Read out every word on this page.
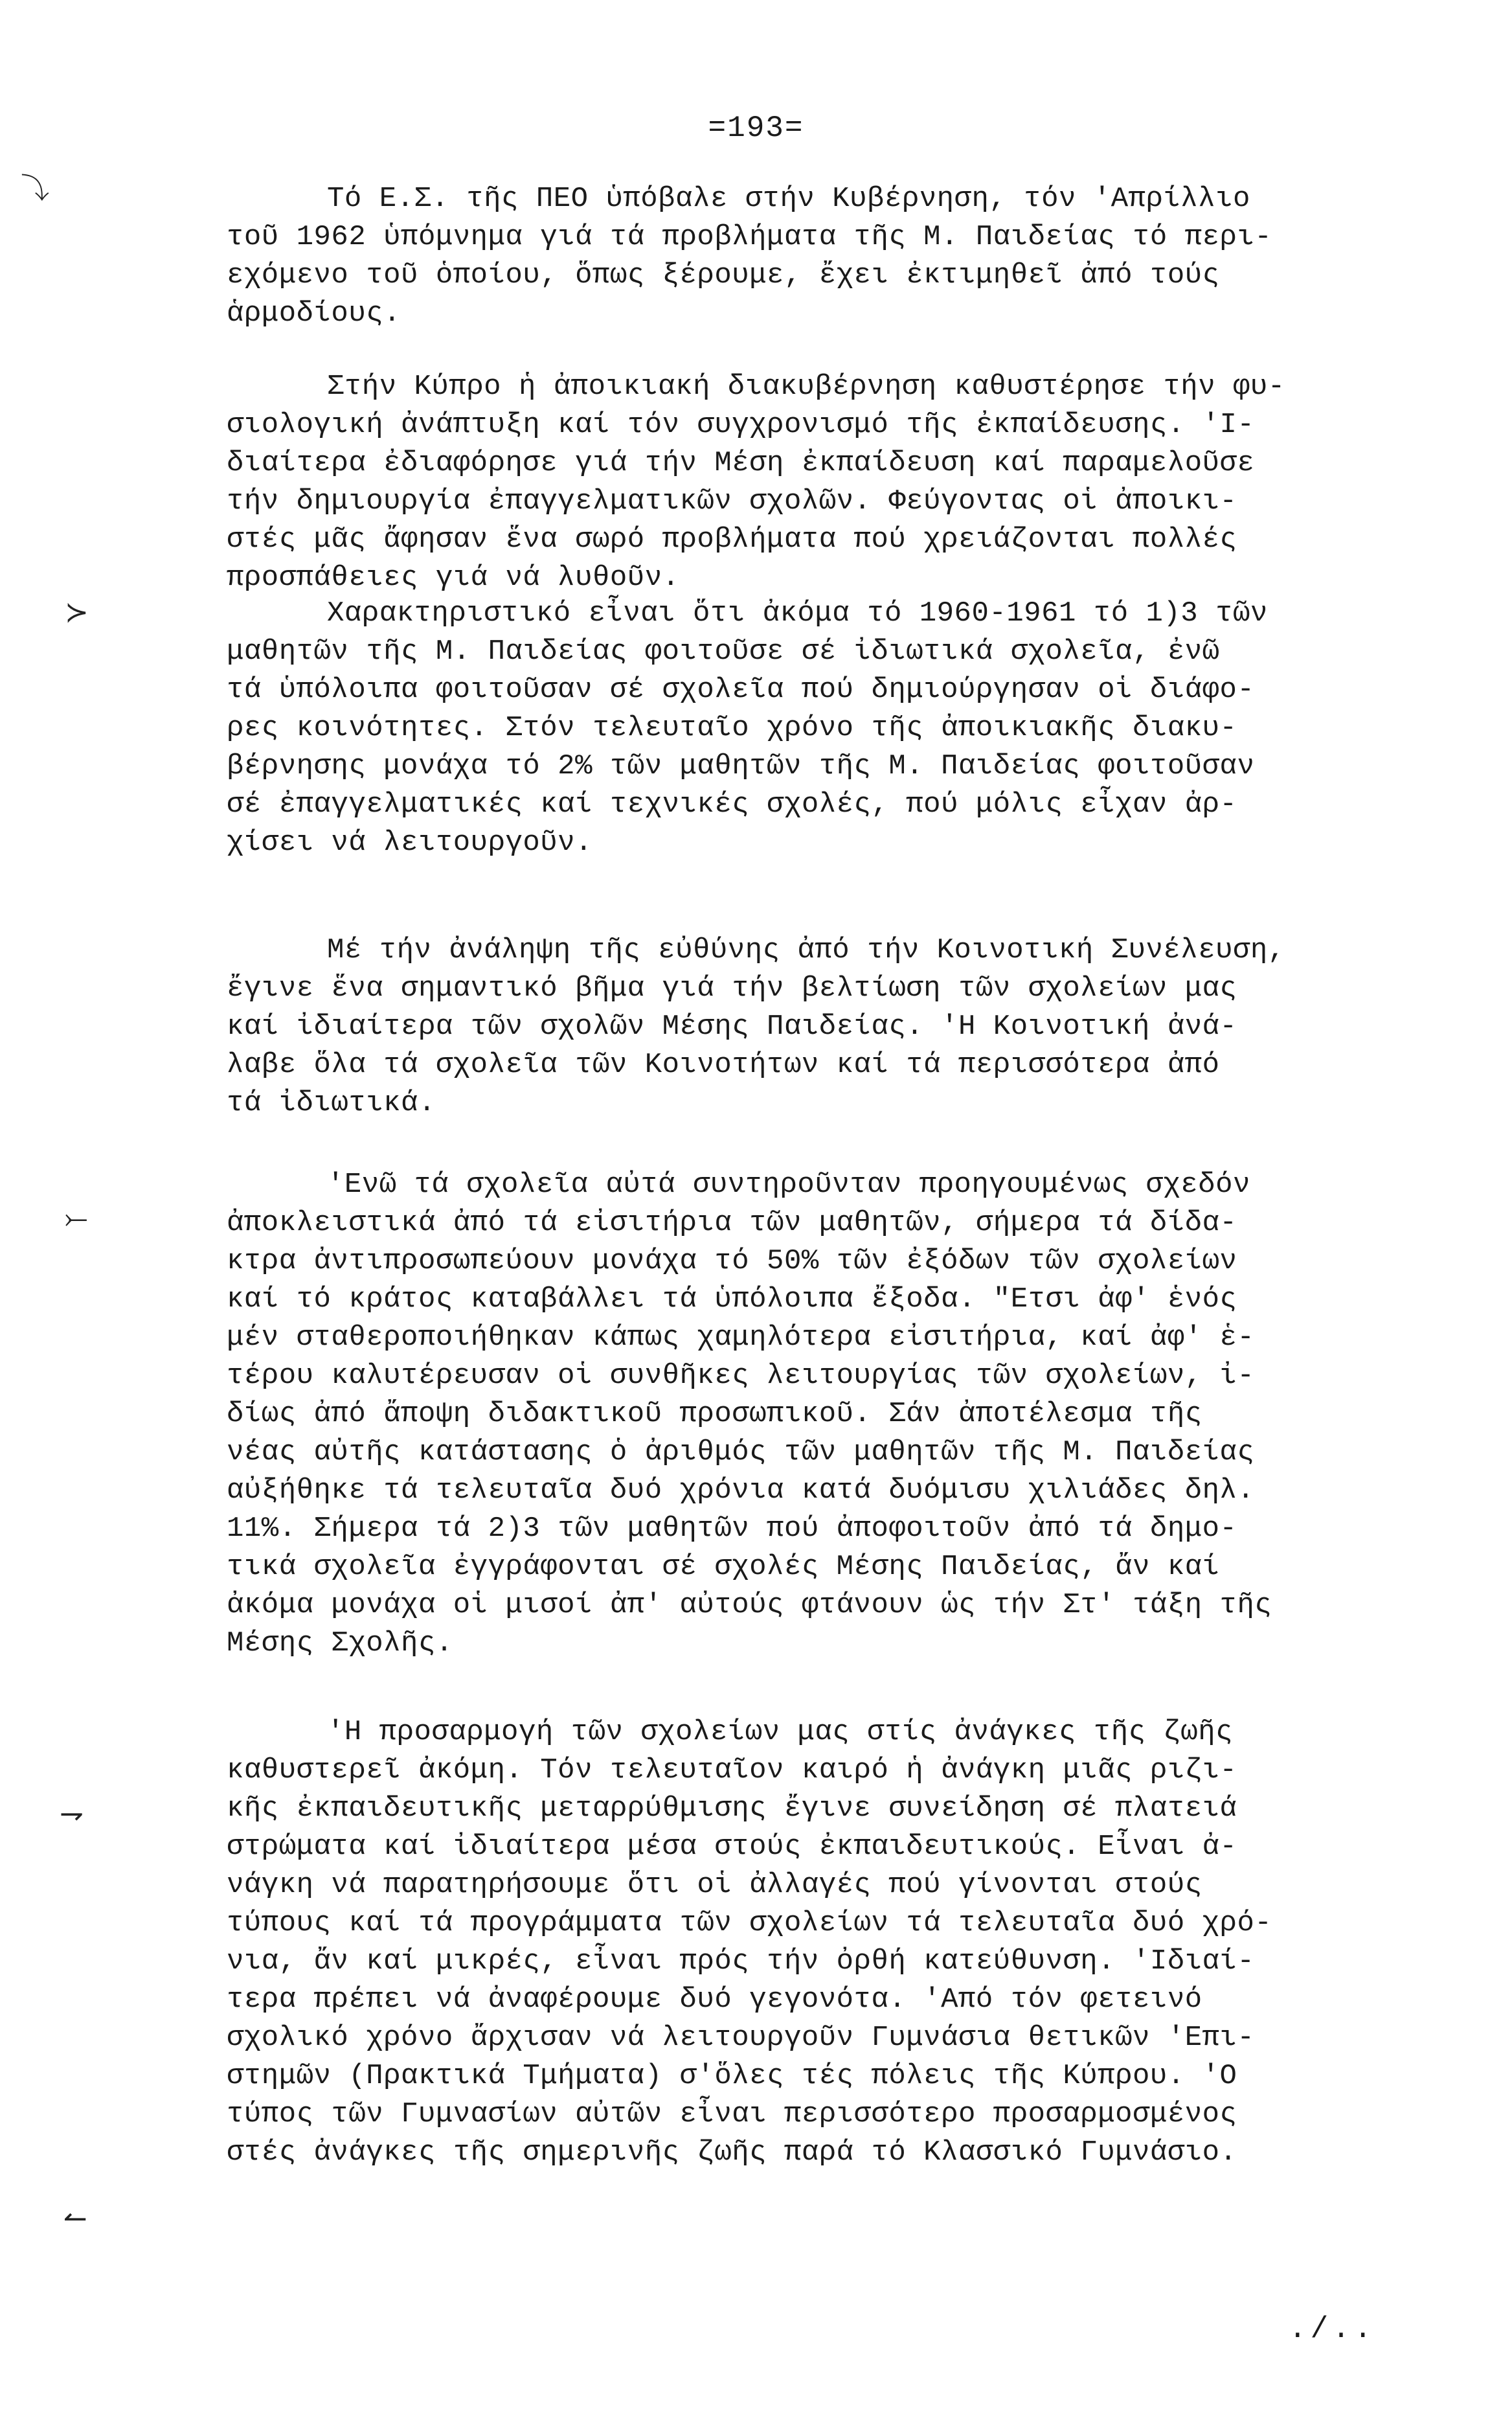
=193=
⤵
≻
⤚
⇁
↼
Τό Ε.Σ. τῆς ΠΕΟ ὑπόβαλε στήν Κυβέρνηση, τόν 'Απρίλλιο
τοῦ 1962 ὑπόμνημα γιά τά προβλήματα τῆς Μ. Παιδείας τό περι-
εχόμενο τοῦ ὁποίου, ὅπως ξέρουμε, ἔχει ἐκτιμηθεῖ ἀπό τούς
ἁρμοδίους.
Στήν Κύπρο ἡ ἀποικιακή διακυβέρνηση καθυστέρησε τήν φυ-
σιολογική ἀνάπτυξη καί τόν συγχρονισμό τῆς ἐκπαίδευσης. 'Ι-
διαίτερα ἐδιαφόρησε γιά τήν Μέση ἐκπαίδευση καί παραμελοῦσε
τήν δημιουργία ἐπαγγελματικῶν σχολῶν. Φεύγοντας οἱ ἀποικι-
στές μᾶς ἄφησαν ἕνα σωρό προβλήματα πού χρειάζονται πολλές
προσπάθειες γιά νά λυθοῦν.
Χαρακτηριστικό εἶναι ὅτι ἀκόμα τό 1960-1961 τό 1)3 τῶν
μαθητῶν τῆς Μ. Παιδείας φοιτοῦσε σέ ἰδιωτικά σχολεῖα, ἐνῶ
τά ὑπόλοιπα φοιτοῦσαν σέ σχολεῖα πού δημιούργησαν οἱ διάφο-
ρες κοινότητες. Στόν τελευταῖο χρόνο τῆς ἀποικιακῆς διακυ-
βέρνησης μονάχα τό 2% τῶν μαθητῶν τῆς Μ. Παιδείας φοιτοῦσαν
σέ ἐπαγγελματικές καί τεχνικές σχολές, πού μόλις εἶχαν ἀρ-
χίσει νά λειτουργοῦν.
Μέ τήν ἀνάληψη τῆς εὐθύνης ἀπό τήν Κοινοτική Συνέλευση,
ἔγινε ἕνα σημαντικό βῆμα γιά τήν βελτίωση τῶν σχολείων μας
καί ἰδιαίτερα τῶν σχολῶν Μέσης Παιδείας. 'Η Κοινοτική ἀνά-
λαβε ὅλα τά σχολεῖα τῶν Κοινοτήτων καί τά περισσότερα ἀπό
τά ἰδιωτικά.
'Ενῶ τά σχολεῖα αὐτά συντηροῦνταν προηγουμένως σχεδόν
ἀποκλειστικά ἀπό τά εἰσιτήρια τῶν μαθητῶν, σήμερα τά δίδα-
κτρα ἀντιπροσωπεύουν μονάχα τό 50% τῶν ἐξόδων τῶν σχολείων
καί τό κράτος καταβάλλει τά ὑπόλοιπα ἔξοδα. "Ετσι ἀφ' ἑνός
μέν σταθεροποιήθηκαν κάπως χαμηλότερα εἰσιτήρια, καί ἀφ' ἑ-
τέρου καλυτέρευσαν οἱ συνθῆκες λειτουργίας τῶν σχολείων, ἰ-
δίως ἀπό ἄποψη διδακτικοῦ προσωπικοῦ. Σάν ἀποτέλεσμα τῆς
νέας αὐτῆς κατάστασης ὁ ἀριθμός τῶν μαθητῶν τῆς Μ. Παιδείας
αὐξήθηκε τά τελευταῖα δυό χρόνια κατά δυόμισυ χιλιάδες δηλ.
11%. Σήμερα τά 2)3 τῶν μαθητῶν πού ἀποφοιτοῦν ἀπό τά δημο-
τικά σχολεῖα ἐγγράφονται σέ σχολές Μέσης Παιδείας, ἄν καί
ἀκόμα μονάχα οἱ μισοί ἀπ' αὐτούς φτάνουν ὡς τήν Στ' τάξη τῆς
Μέσης Σχολῆς.
'Η προσαρμογή τῶν σχολείων μας στίς ἀνάγκες τῆς ζωῆς
καθυστερεῖ ἀκόμη. Τόν τελευταῖον καιρό ἡ ἀνάγκη μιᾶς ριζι-
κῆς ἐκπαιδευτικῆς μεταρρύθμισης ἔγινε συνείδηση σέ πλατειά
στρώματα καί ἰδιαίτερα μέσα στούς ἐκπαιδευτικούς. Εἶναι ἀ-
νάγκη νά παρατηρήσουμε ὅτι οἱ ἀλλαγές πού γίνονται στούς
τύπους καί τά προγράμματα τῶν σχολείων τά τελευταῖα δυό χρό-
νια, ἄν καί μικρές, εἶναι πρός τήν ὀρθή κατεύθυνση. 'Ιδιαί-
τερα πρέπει νά ἀναφέρουμε δυό γεγονότα. 'Από τόν φετεινό
σχολικό χρόνο ἄρχισαν νά λειτουργοῦν Γυμνάσια θετικῶν 'Επι-
στημῶν (Πρακτικά Τμήματα) σ'ὅλες τές πόλεις τῆς Κύπρου. 'Ο
τύπος τῶν Γυμνασίων αὐτῶν εἶναι περισσότερο προσαρμοσμένος
στές ἀνάγκες τῆς σημερινῆς ζωῆς παρά τό Κλασσικό Γυμνάσιο.
./..
